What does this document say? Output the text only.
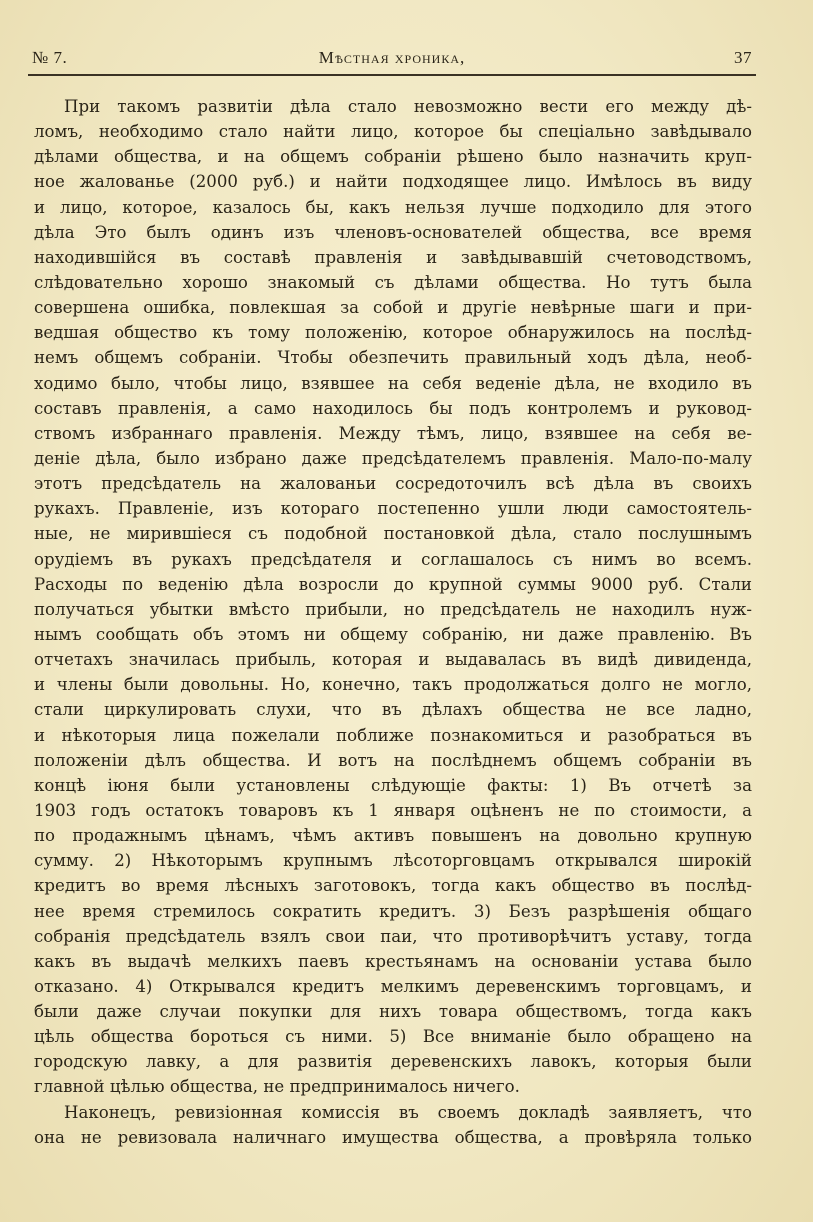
№ 7.	Мѣстная хроника,	37
При такомъ развитiи дѣла стало невозможно вести его между дѣ-
ломъ, необходимо стало найти лицо, которое бы спецiально завѣдывало
дѣлами общества, и на общемъ собранiи рѣшено было назначить круп-
ное жалованье (2000 руб.) и найти подходящее лицо. Имѣлось въ виду
и лицо, которое, казалось бы, какъ нельзя лучше подходило для этого
дѣла Это былъ одинъ изъ членовъ-основателей общества, все время
находившiйся въ составѣ правленiя и завѣдывавшiй счетоводствомъ,
слѣдовательно хорошо знакомый съ дѣлами общества. Но тутъ была
совершена ошибка, повлекшая за собой и другiе невѣрные шаги и при-
ведшая общество къ тому положенiю, которое обнаружилось на послѣд-
немъ общемъ собранiи. Чтобы обезпечить правильный ходъ дѣла, необ-
ходимо было, чтобы лицо, взявшее на себя веденiе дѣла, не входило въ
составъ правленiя, а само находилось бы подъ контролемъ и руковод-
ствомъ избраннаго правленiя. Между тѣмъ, лицо, взявшее на себя ве-
денiе дѣла, было избрано даже предсѣдателемъ правленiя. Мало-по-малу
этотъ предсѣдатель на жалованьи сосредоточилъ всѣ дѣла въ своихъ
рукахъ. Правленiе, изъ котораго постепенно ушли люди самостоятель-
ные, не мирившiеся съ подобной постановкой дѣла, стало послушнымъ
орудiемъ въ рукахъ предсѣдателя и соглашалось съ нимъ во всемъ.
Расходы по веденiю дѣла возросли до крупной суммы 9000 руб. Стали
получаться убытки вмѣсто прибыли, но предсѣдатель не находилъ нуж-
нымъ сообщать объ этомъ ни общему собранiю, ни даже правленiю. Въ
отчетахъ значилась прибыль, которая и выдавалась въ видѣ дивиденда,
и члены были довольны. Но, конечно, такъ продолжаться долго не могло,
стали циркулировать слухи, что въ дѣлахъ общества не все ладно,
и нѣкоторыя лица пожелали поближе познакомиться и разобраться въ
положенiи дѣлъ общества. И вотъ на послѣднемъ общемъ собранiи въ
концѣ iюня были установлены слѣдующiе факты: 1) Въ отчетѣ за
1903 годъ остатокъ товаровъ къ 1 января оцѣненъ не по стоимости, а
по продажнымъ цѣнамъ, чѣмъ активъ повышенъ на довольно крупную
сумму. 2) Нѣкоторымъ крупнымъ лѣсоторговцамъ открывался широкiй
кредитъ во время лѣсныхъ заготовокъ, тогда какъ общество въ послѣд-
нее время стремилось сократить кредитъ. 3) Безъ разрѣшенiя общаго
собранiя предсѣдатель взялъ свои паи, что противорѣчитъ уставу, тогда
какъ въ выдачѣ мелкихъ паевъ крестьянамъ на основанiи устава было
отказано. 4) Открывался кредитъ мелкимъ деревенскимъ торговцамъ, и
были даже случаи покупки для нихъ товара обществомъ, тогда какъ
цѣль общества бороться съ ними. 5) Все вниманiе было обращено на
городскую лавку, а для развитiя деревенскихъ лавокъ, которыя были
главной цѣлью общества, не предпринималось ничего.
Наконецъ, ревизiонная комиссiя въ своемъ докладѣ заявляетъ, что
она не ревизовала наличнаго имущества общества, а провѣряла только
